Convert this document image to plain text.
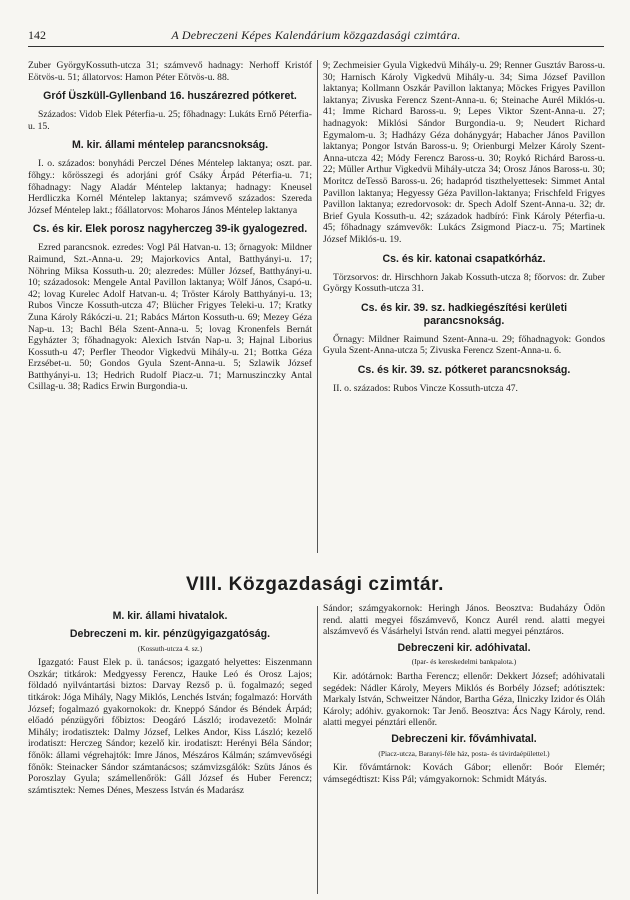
142	A Debreczeni Képes Kalendárium közgazdasági czimtára.

Zuber GyörgyKossuth-utcza 31; számvevő hadnagy: Nerhoff Kristóf Eötvös-u. 51; állatorvos: Hamon Péter Eötvös-u. 88.

Gróf Üszküll-Gyllenband 16. huszárezred pótkeret.

Százados: Vidob Elek Péterfia-u. 25; főhadnagy: Lukáts Ernő Péterfia-u. 15.

M. kir. állami méntelep parancsnokság.

I. o. százados: bonyhádi Perczel Dénes Méntelep laktanya; oszt. par. főhgy.: kőrösszegi és adorjáni gróf Csáky Árpád Péterfia-u. 71; főhadnagy: Nagy Aladár Méntelep laktanya; hadnagy: Kneusel Herdliczka Kornél Méntelep laktanya; számvevő százados: Szereda József Méntelep lakt.; főállatorvos: Moharos János Méntelep laktanya

Cs. és kir. Elek porosz nagyherczeg 39-ik gyalogezred.

Ezred parancsnok. ezredes: Vogl Pál Hatvan-u. 13; őrnagyok: Mildner Raimund, Szt.-Anna-u. 29; Majorkovics Antal, Batthyányi-u. 17; Nöhring Miksa Kossuth-u. 20; alezredes: Müller József, Batthyányi-u. 10; századosok: Mengele Antal Pavillon laktanya; Wölf János, Csapó-u. 42; lovag Kurelec Adolf Hatvan-u. 4; Tröster Károly Batthyányi-u. 13; Rubos Vincze Kossuth-utcza 47; Blücher Frigyes Teleki-u. 17; Kratky Zuna Károly Rákóczi-u. 21; Rabács Márton Kossuth-u. 69; Mezey Géza Nap-u. 13; Bachl Béla Szent-Anna-u. 5; lovag Kronenfels Bernát Egyházter 3; főhadnagyok: Alexich István Nap-u. 3; Hajnal Liborius Kossuth-u 47; Perfler Theodor Vigkedvü Mihály-u. 21; Bottka Géza Erzsébet-u. 50; Gondos Gyula Szent-Anna-u. 5; Szlawik József Batthyányi-u. 13; Hedrich Rudolf Piacz-u. 71; Marnuszinczky Antal Csillag-u. 38; Radics Erwin Burgondia-u.

9; Zechmeisier Gyula Vigkedvü Mihály-u. 29; Renner Gusztáv Baross-u. 30; Harnisch Károly Vigkedvü Mihály-u. 34; Sima József Pavillon laktanya; Kollmann Oszkár Pavillon laktanya; Möckes Frigyes Pavillon laktanya; Zivuska Ferencz Szent-Anna-u. 6; Steinache Aurél Miklós-u. 41; Imme Richard Baross-u. 9; Lepes Viktor Szent-Anna-u. 27; hadnagyok: Miklósi Sándor Burgondia-u. 9; Neudert Richard Egymalom-u. 3; Hadházy Géza dohánygyár; Habacher János Pavillon laktanya; Pongor István Baross-u. 9; Orienburgi Melzer Károly Szent-Anna-utcza 42; Módy Ferencz Baross-u. 30; Roykó Richárd Baross-u. 22; Müller Arthur Vigkedvü Mihály-utcza 34; Orosz János Baross-u. 30; Moritcz deTessö Baross-u. 26; hadapród tiszthelyettesek: Simmet Antal Pavillon laktanya; Hegyessy Géza Pavillon-laktanya; Frischfeld Frigyes Pavillon laktanya; ezredorvosok: dr. Spech Adolf Szent-Anna-u. 32; dr. Brief Gyula Kossuth-u. 42; századok hadbíró: Fink Károly Péterfia-u. 45; főhadnagy számvevők: Lukács Zsigmond Piacz-u. 75; Martinek József Miklós-u. 19.

Cs. és kir. katonai csapatkórház.

Törzsorvos: dr. Hirschhorn Jakab Kossuth-utcza 8; főorvos: dr. Zuber György Kossuth-utcza 31.

Cs. és kir. 39. sz. hadkiegészítési kerületi parancsnokság.

Őrnagy: Mildner Raimund Szent-Anna-u. 29; főhadnagyok: Gondos Gyula Szent-Anna-utcza 5; Zivuska Ferencz Szent-Anna-u. 6.

Cs. és kir. 39. sz. pótkeret parancsnokság.

II. o. százados: Rubos Vincze Kossuth-utcza 47.

VIII. Közgazdasági czimtár.
M. kir. állami hivatalok.
Debreczeni m. kir. pénzügyigazgatóság.

(Kossuth-utcza 4. sz.)

Igazgató: Faust Elek p. ü. tanácsos; igazgató helyettes: Eiszenmann Oszkár; titkárok: Medgyessy Ferencz, Hauke Leó és Orosz Lajos; földadó nyilvántartási biztos: Darvay Rezső p. ü. fogalmazó; seged titkárok: Jóga Mihály, Nagy Miklós, Lenchés István; fogalmazó: Horváth József; fogalmazó gyakornokok: dr. Kneppó Sándor és Béndek Árpád; előadó pénzügyőri főbiztos: Deogáró László; irodavezető: Molnár Mihály; irodatisztek: Dalmy József, Lelkes Andor, Kiss László; kezelő irodatiszt: Herczeg Sándor; kezelő kir. irodatiszt: Herényi Béla Sándor; főnök: állami végrehajtók: Imre János, Mészáros Kálmán; számvevőségi főnök: Steinacker Sándor számtanácsos; számvizsgálók: Szüts János és Poroszlay Gyula; számellenőrök: Gáll József és Huber Ferencz; számtisztek: Nemes Dénes, Meszess István és Madarász

Sándor; számgyakornok: Heringh János. Beosztva: Budaházy Ödön rend. alatti megyei főszámvevő, Koncz Aurél rend. alatti megyei alszámvevő és Vásárhelyi István rend. alatti megyei pénztáros.

Debreczeni kir. adóhivatal.

(Ipar- és kereskedelmi bankpalota.)

Kir. adótárnok: Bartha Ferencz; ellenőr: Dekkert József; adóhivatali segédek: Nádler Károly, Meyers Miklós és Borbély József; adótisztek: Markaly István, Schweitzer Nándor, Bartha Géza, Ilniczky Izidor és Oláh Károly; adóhiv. gyakornok: Tar Jenő. Beosztva: Ács Nagy Károly, rend. alatti megyei pénztári ellenőr.

Debreczeni kir. fővámhivatal.

(Piacz-utcza, Baranyi-féle ház, posta- és távirdaépülettel.)

Kir. fővámtárnok: Kovách Gábor; ellenőr: Boór Elemér; vámsegédtiszt: Kiss Pál; vámgyakornok: Schmidt Mátyás.
